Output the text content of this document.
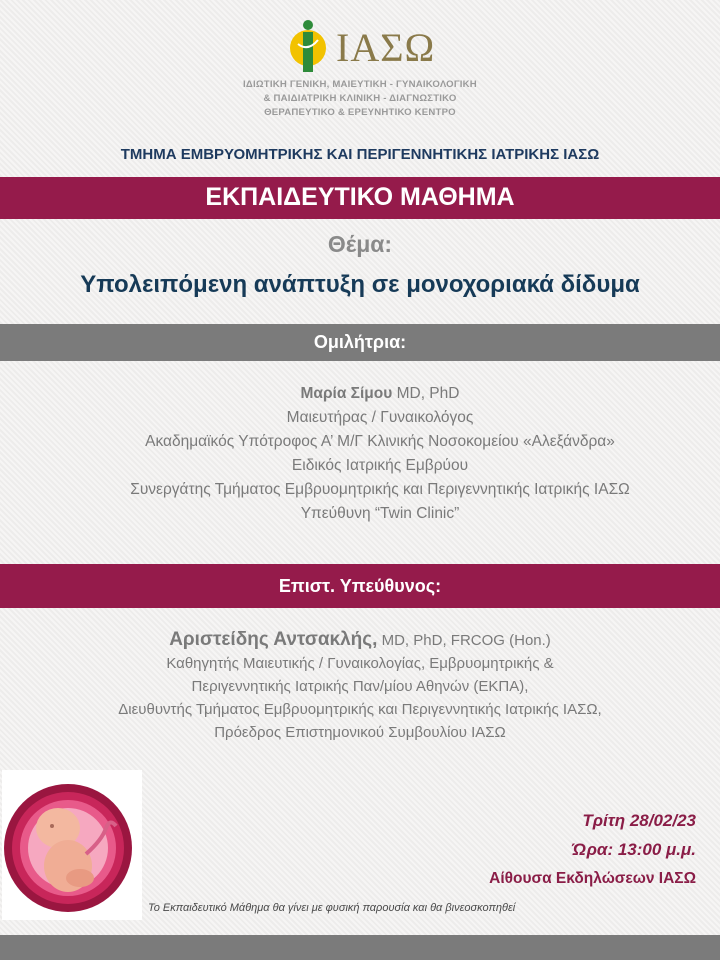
ΙΑΣΩ
ΙΔΙΩΤΙΚΗ ΓΕΝΙΚΗ, ΜΑΙΕΥΤΙΚΗ - ΓΥΝΑΙΚΟΛΟΓΙΚΗ
& ΠΑΙΔΙΑΤΡΙΚΗ ΚΛΙΝΙΚΗ - ΔΙΑΓΝΩΣΤΙΚΟ
ΘΕΡΑΠΕΥΤΙΚΟ & ΕΡΕΥΝΗΤΙΚΟ ΚΕΝΤΡΟ
ΤΜΗΜΑ ΕΜΒΡΥΟΜΗΤΡΙΚΗΣ ΚΑΙ ΠΕΡΙΓΕΝΝΗΤΙΚΗΣ ΙΑΤΡΙΚΗΣ ΙΑΣΩ
ΕΚΠΑΙΔΕΥΤΙΚΟ ΜΑΘΗΜΑ
Θέμα:
Υπολειπόμενη ανάπτυξη σε μονοχοριακά δίδυμα
Ομιλήτρια:
Μαρία Σίμου MD, PhD
Μαιευτήρας / Γυναικολόγος
Ακαδημαϊκός Υπότροφος Α’ Μ/Γ Κλινικής Νοσοκομείου «Αλεξάνδρα»
Ειδικός Ιατρικής Εμβρύου
Συνεργάτης Τμήματος Εμβρυομητρικής και Περιγεννητικής Ιατρικής ΙΑΣΩ
Υπεύθυνη “Twin Clinic”
Επιστ. Υπεύθυνος:
Αριστείδης Αντσακλής, MD, PhD, FRCOG (Hon.)
Καθηγητής Μαιευτικής / Γυναικολογίας, Εμβρυομητρικής &
Περιγεννητικής Ιατρικής Παν/μίου Αθηνών (ΕΚΠΑ),
Διευθυντής Τμήματος Εμβρυομητρικής και Περιγεννητικής Ιατρικής ΙΑΣΩ,
Πρόεδρος Επιστημονικού Συμβουλίου ΙΑΣΩ
Τρίτη 28/02/23
Ώρα: 13:00 μ.μ.
Αίθουσα Εκδηλώσεων ΙΑΣΩ
Το Εκπαιδευτικό Μάθημα θα γίνει με φυσική παρουσία και θα βινεοσκοπηθεί
